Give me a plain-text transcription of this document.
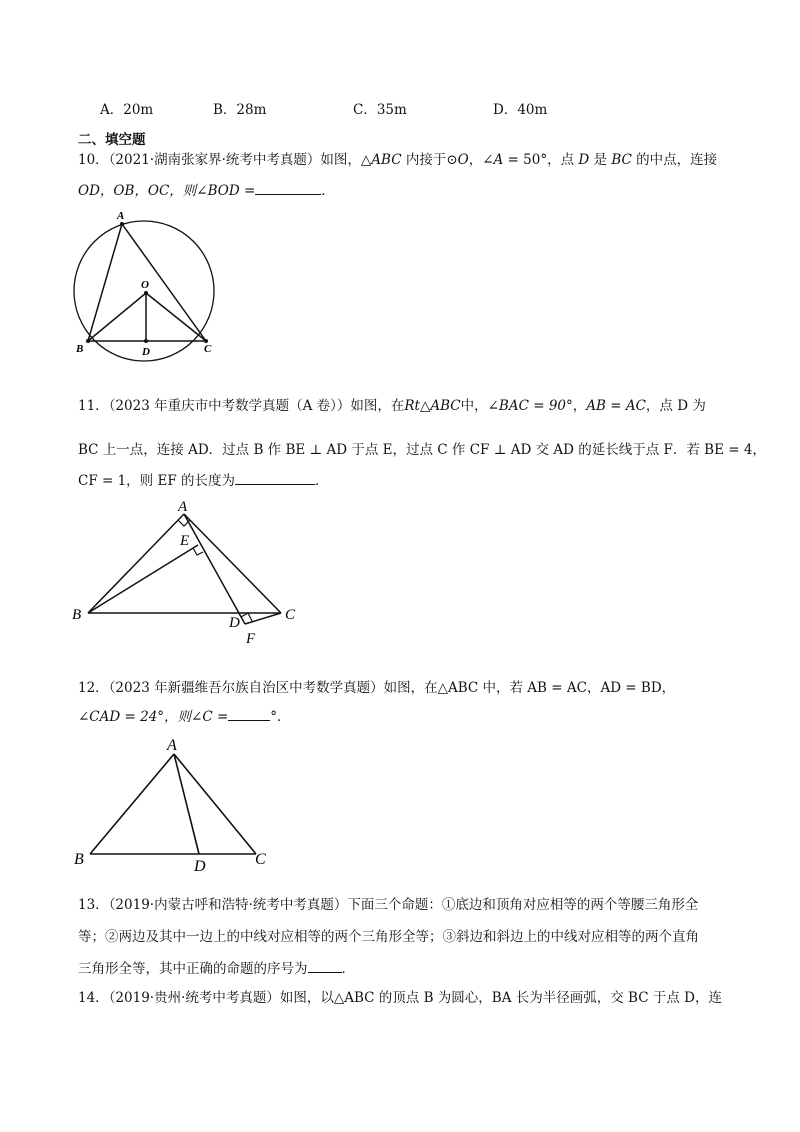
A．20m	B．28m	C．35m	D．40m
二、填空题
10．（2021·湖南张家界·统考中考真题）如图，△ABC 内接于⊙O，∠A = 50°，点 D 是 BC 的中点，连接
OD，OB，OC，则∠BOD =	．
A
O
B	D	C
11．（2023 年重庆市中考数学真题（A 卷））如图，在Rt△ABC中，∠BAC = 90°，AB = AC，点 D 为
BC 上一点，连接 AD．过点 B 作 BE ⊥ AD 于点 E，过点 C 作 CF ⊥ AD 交 AD 的延长线于点 F．若 BE = 4，
CF = 1，则 EF 的长度为	．
A
E
B	D
F
C
12．（2023 年新疆维吾尔族自治区中考数学真题）如图，在△ABC 中，若 AB = AC，AD = BD，
∠CAD = 24°，则∠C =	°．
A
B	D	C
13．（2019·内蒙古呼和浩特·统考中考真题）下面三个命题：①底边和顶角对应相等的两个等腰三角形全
等；②两边及其中一边上的中线对应相等的两个三角形全等；③斜边和斜边上的中线对应相等的两个直角
三角形全等，其中正确的命题的序号为	．
14．（2019·贵州·统考中考真题）如图，以△ABC 的顶点 B 为圆心，BA 长为半径画弧，交 BC 于点 D，连
